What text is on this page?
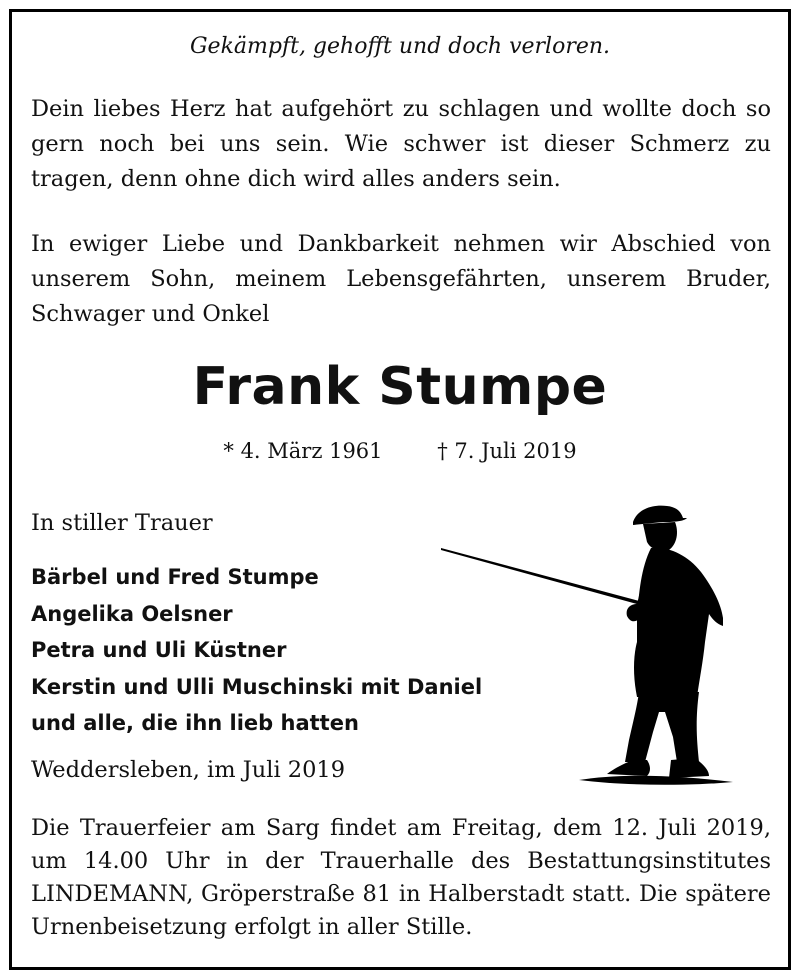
Gekämpft, gehofft und doch verloren.
Dein liebes Herz hat aufgehört zu schlagen und wollte doch so gern noch bei uns sein. Wie schwer ist dieser Schmerz zu tragen, denn ohne dich wird alles anders sein.
In ewiger Liebe und Dankbarkeit nehmen wir Abschied von unserem Sohn, meinem Lebensgefährten, unserem Bruder, Schwager und Onkel
Frank Stumpe
* 4. März 1961	† 7. Juli 2019
In stiller Trauer
Bärbel und Fred Stumpe
Angelika Oelsner
Petra und Uli Küstner
Kerstin und Ulli Muschinski mit Daniel
und alle, die ihn lieb hatten
Weddersleben, im Juli 2019
Die Trauerfeier am Sarg findet am Freitag, dem 12. Juli 2019, um 14.00 Uhr in der Trauerhalle des Bestattungsinstitutes LINDEMANN, Gröperstraße 81 in Halberstadt statt. Die spätere Urnenbeisetzung erfolgt in aller Stille.
